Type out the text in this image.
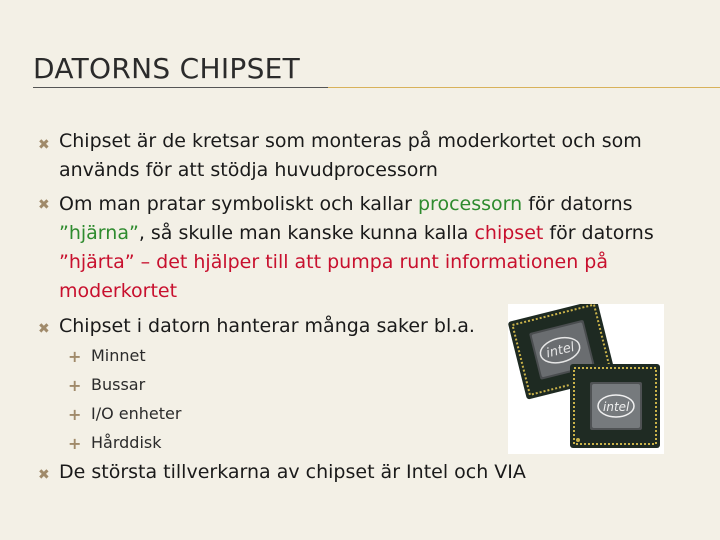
DATORNS CHIPSET
✖ Chipset är de kretsar som monteras på moderkortet och som används för att stödja huvudprocessorn
✖ Om man pratar symboliskt och kallar processorn för datorns ”hjärna”, så skulle man kanske kunna kalla chipset för datorns ”hjärta” – det hjälper till att pumpa runt informationen på moderkortet
✖ Chipset i datorn hanterar många saker bl.a.
+ Minnet
+ Bussar
+ I/O enheter
+ Hårddisk
intel
intel
✖ De största tillverkarna av chipset är Intel och VIA
